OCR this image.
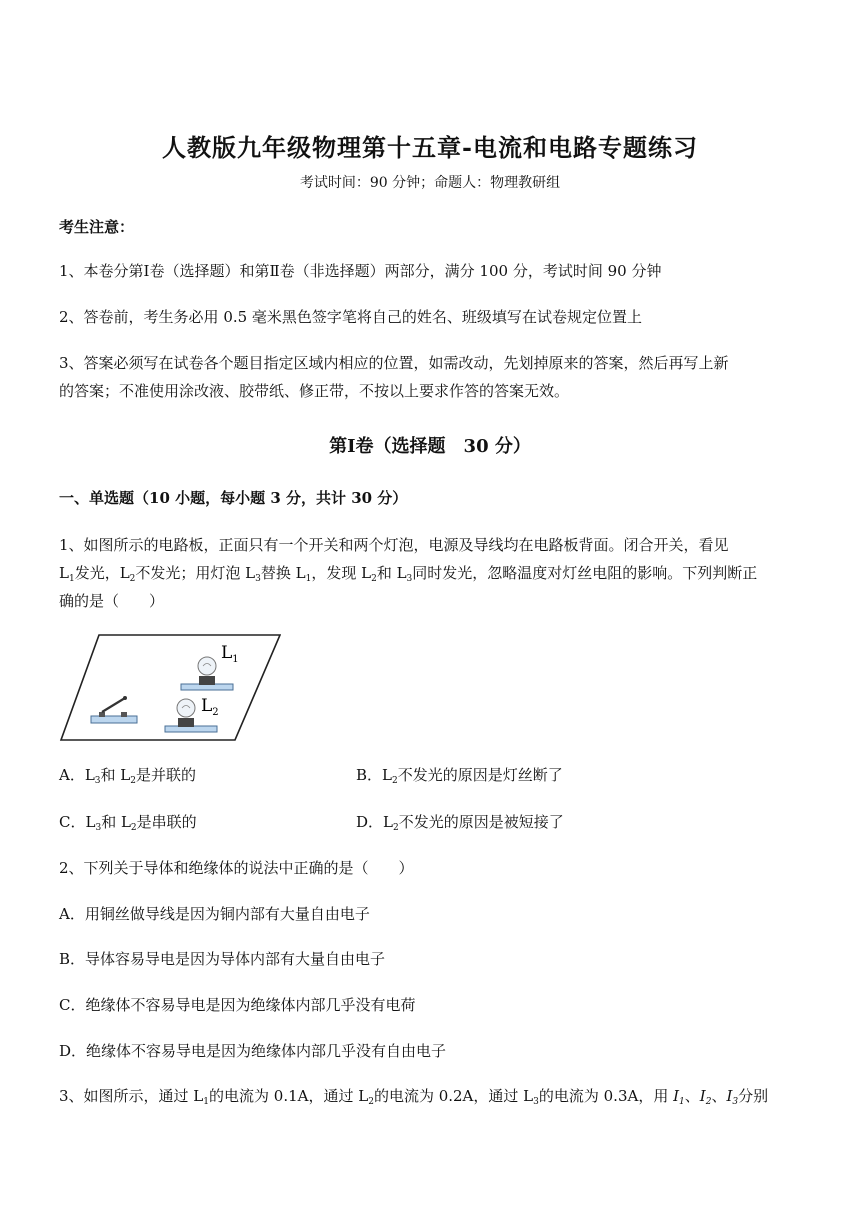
人教版九年级物理第十五章-电流和电路专题练习
考试时间：90 分钟；命题人：物理教研组
考生注意：
1、本卷分第Ⅰ卷（选择题）和第Ⅱ卷（非选择题）两部分，满分 100 分，考试时间 90 分钟
2、答卷前，考生务必用 0.5 毫米黑色签字笔将自己的姓名、班级填写在试卷规定位置上
3、答案必须写在试卷各个题目指定区域内相应的位置，如需改动，先划掉原来的答案，然后再写上新
的答案；不准使用涂改液、胶带纸、修正带，不按以上要求作答的答案无效。
第Ⅰ卷（选择题　30 分）
一、单选题（10 小题，每小题 3 分，共计 30 分）
1、如图所示的电路板，正面只有一个开关和两个灯泡，电源及导线均在电路板背面。闭合开关，看见
$L_1$发光，$L_2$不发光；用灯泡 $L_3$替换 $L_1$，发现 $L_2$和 $L_3$同时发光，忽略温度对灯丝电阻的影响。下列判断正
确的是（　　）
$L_1$
$L_2$
A．$L_3$和 $L_2$是并联的	B．$L_2$不发光的原因是灯丝断了
C．$L_3$和 $L_2$是串联的	D．$L_2$不发光的原因是被短接了
2、下列关于导体和绝缘体的说法中正确的是（　　）
A．用铜丝做导线是因为铜内部有大量自由电子
B．导体容易导电是因为导体内部有大量自由电子
C．绝缘体不容易导电是因为绝缘体内部几乎没有电荷
D．绝缘体不容易导电是因为绝缘体内部几乎没有自由电子
3、如图所示，通过 $L_1$的电流为 0.1A，通过 $L_2$的电流为 0.2A，通过 $L_3$的电流为 0.3A，用 $I_1$、$I_2$、$I_3$分别
